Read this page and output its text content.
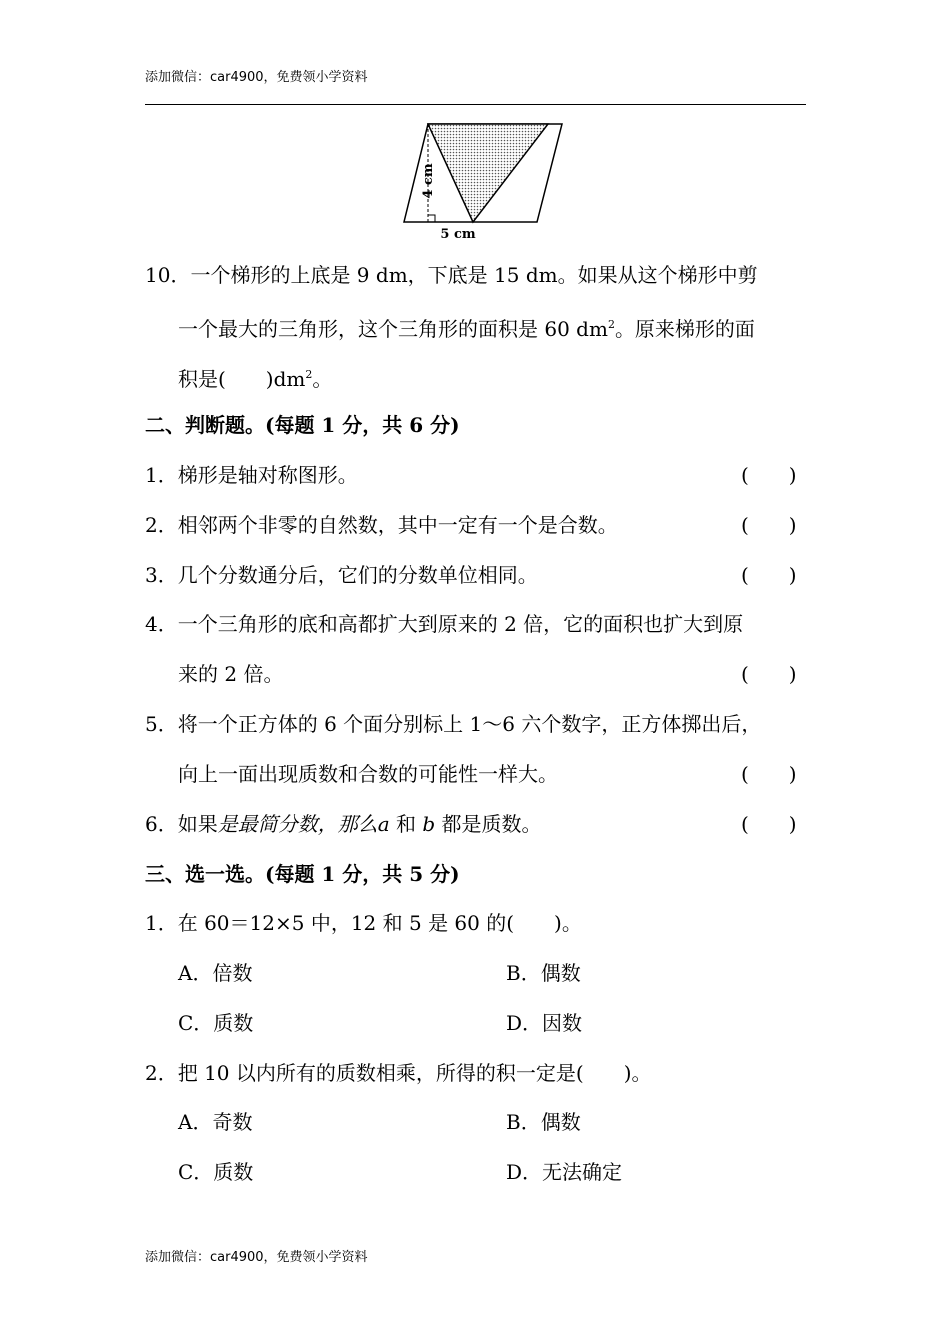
添加微信：car4900，免费领小学资料
4 cm
5 cm
10．一个梯形的上底是 9 dm，下底是 15 dm。如果从这个梯形中剪
一个最大的三角形，这个三角形的面积是 60 $dm^2$。原来梯形的面
积是(　　)$dm^2$。
二、判断题。(每题 1 分，共 6 分)
1．梯形是轴对称图形。	(　　)
2．相邻两个非零的自然数，其中一定有一个是合数。	(　　)
3．几个分数通分后，它们的分数单位相同。	(　　)
4．一个三角形的底和高都扩大到原来的 2 倍，它的面积也扩大到原
来的 2 倍。	(　　)
5．将一个正方体的 6 个面分别标上 1～6 六个数字，正方体掷出后，
向上一面出现质数和合数的可能性一样大。	(　　)
6．如果是最简分数，那么a 和 b 都是质数。	(　　)
三、选一选。(每题 1 分，共 5 分)
1．在 60＝12×5 中，12 和 5 是 60 的(　　)。
A．倍数	B．偶数
C．质数	D．因数
2．把 10 以内所有的质数相乘，所得的积一定是(　　)。
A．奇数	B．偶数
C．质数	D．无法确定
添加微信：car4900，免费领小学资料
